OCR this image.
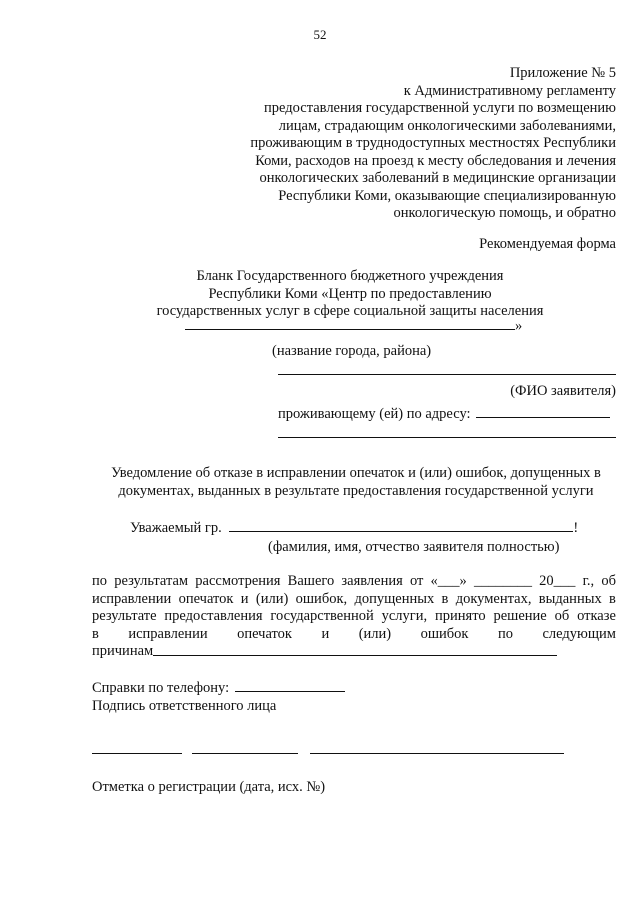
52
Приложение № 5
к Административному регламенту
предоставления государственной услуги по возмещению
лицам, страдающим онкологическими заболеваниями,
проживающим в труднодоступных местностях Республики
Коми, расходов на проезд к месту обследования и лечения
онкологических заболеваний в медицинские организации
Республики Коми, оказывающие специализированную
онкологическую помощь, и обратно
Рекомендуемая форма
Бланк Государственного бюджетного учреждения
Республики Коми «Центр по предоставлению
государственных услуг в сфере социальной защиты населения
»
(название города, района)
(ФИО заявителя)
проживающему (ей) по адресу:
Уведомление об отказе в исправлении опечаток и (или) ошибок, допущенных в
документах, выданных в результате предоставления государственной услуги
Уважаемый гр.	!
(фамилия, имя, отчество заявителя полностью)
по результатам рассмотрения Вашего заявления от «___» ________ 20___ г., об
исправлении опечаток и (или) ошибок, допущенных в документах, выданных в
результате предоставления государственной услуги, принято решение об отказе
в исправлении опечаток и (или) ошибок по следующим
причинам
Справки по телефону:
Подпись ответственного лица
Отметка о регистрации (дата, исх. №)
